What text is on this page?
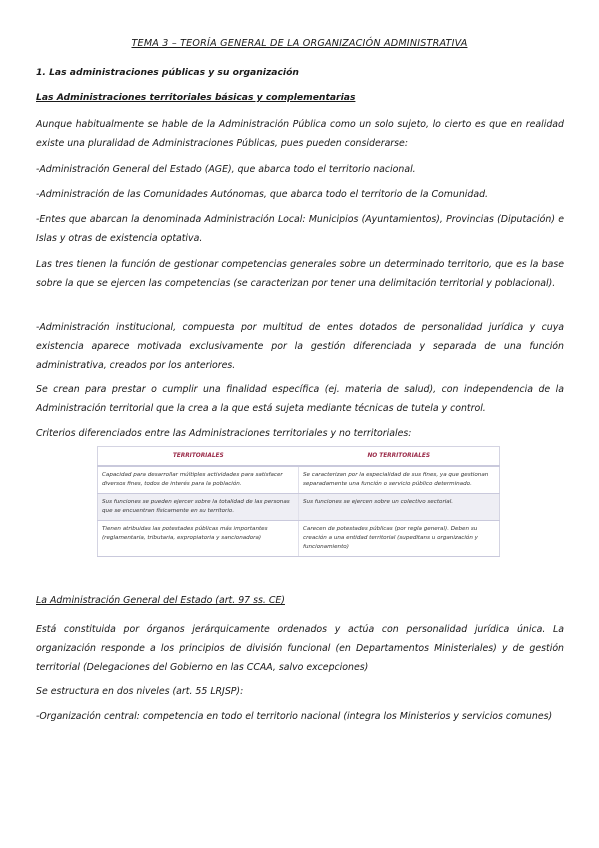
TEMA 3 – TEORÍA GENERAL DE LA ORGANIZACIÓN ADMINISTRATIVA
1. Las administraciones públicas y su organización
Las Administraciones territoriales básicas y complementarias

Aunque habitualmente se hable de la Administración Pública como un solo sujeto, lo cierto es que en realidad existe una pluralidad de Administraciones Públicas, pues pueden considerarse:

-Administración General del Estado (AGE), que abarca todo el territorio nacional.

-Administración de las Comunidades Autónomas, que abarca todo el territorio de la Comunidad.

-Entes que abarcan la denominada Administración Local: Municipios (Ayuntamientos), Provincias (Diputación) e Islas y otras de existencia optativa.

Las tres tienen la función de gestionar competencias generales sobre un determinado territorio, que es la base sobre la que se ejercen las competencias (se caracterizan por tener una delimitación territorial y poblacional).

-Administración institucional, compuesta por multitud de entes dotados de personalidad jurídica y cuya existencia aparece motivada exclusivamente por la gestión diferenciada y separada de una función administrativa, creados por los anteriores.

Se crean para prestar o cumplir una finalidad específica (ej. materia de salud), con independencia de la Administración territorial que la crea a la que está sujeta mediante técnicas de tutela y control.

Criterios diferenciados entre las Administraciones territoriales y no territoriales:

TERRITORIALES	NO TERRITORIALES
Capacidad para desarrollar múltiples actividades para satisfacer diversos fines, todos de interés para la población.	Se caracterizan por la especialidad de sus fines, ya que gestionan separadamente una función o servicio público determinado.
Sus funciones se pueden ejercer sobre la totalidad de las personas que se encuentran físicamente en su territorio.	Sus funciones se ejercen sobre un colectivo sectorial.
Tienen atribuidas las potestades públicas más importantes (reglamentaria, tributaria, expropiatoria y sancionadora)	Carecen de potestades públicas (por regla general). Deben su creación a una entidad territorial (supeditans u organización y funcionamiento)
La Administración General del Estado (art. 97 ss. CE)

Está constituida por órganos jerárquicamente ordenados y actúa con personalidad jurídica única. La organización responde a los principios de división funcional (en Departamentos Ministeriales) y de gestión territorial (Delegaciones del Gobierno en las CCAA, salvo excepciones)

Se estructura en dos niveles (art. 55 LRJSP):

-Organización central: competencia en todo el territorio nacional (integra los Ministerios y servicios comunes)
